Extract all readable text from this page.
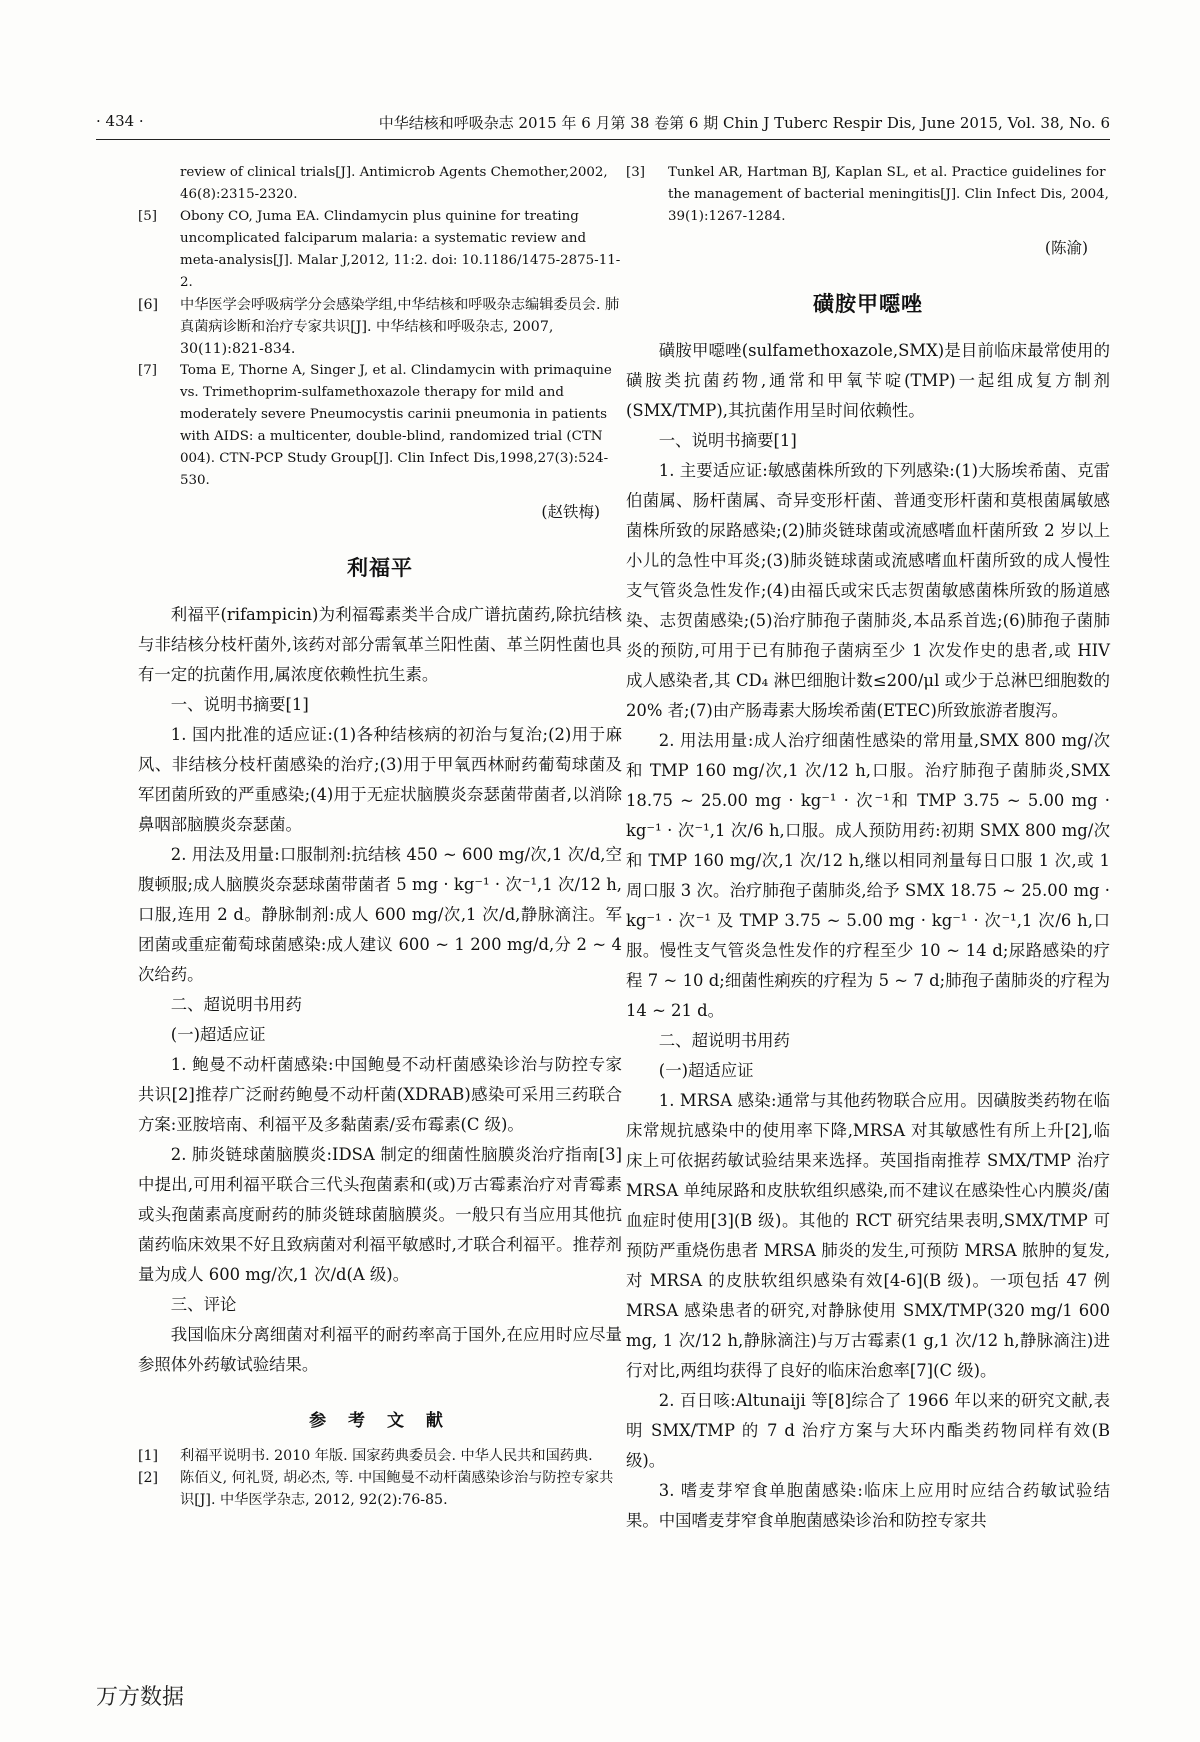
· 434 ·	中华结核和呼吸杂志 2015 年 6 月第 38 卷第 6 期 Chin J Tuberc Respir Dis, June 2015, Vol. 38, No. 6

review of clinical trials[J]. Antimicrob Agents Chemother,2002,

46(8):2315-2320.

[5] Obony CO, Juma EA. Clindamycin plus quinine for treating uncomplicated falciparum malaria: a systematic review and meta-analysis[J]. Malar J,2012, 11:2. doi: 10.1186/1475-2875-11-2.
[6] 中华医学会呼吸病学分会感染学组,中华结核和呼吸杂志编辑委员会. 肺真菌病诊断和治疗专家共识[J]. 中华结核和呼吸杂志, 2007, 30(11):821-834.
[7] Toma E, Thorne A, Singer J, et al. Clindamycin with primaquine vs. Trimethoprim-sulfamethoxazole therapy for mild and moderately severe Pneumocystis carinii pneumonia in patients with AIDS: a multicenter, double-blind, randomized trial (CTN 004). CTN-PCP Study Group[J]. Clin Infect Dis,1998,27(3):524-530.
(赵铁梅)
利福平

利福平(rifampicin)为利福霉素类半合成广谱抗菌药,除抗结核与非结核分枝杆菌外,该药对部分需氧革兰阳性菌、革兰阴性菌也具有一定的抗菌作用,属浓度依赖性抗生素。

一、说明书摘要[1]

1. 国内批准的适应证:(1)各种结核病的初治与复治;(2)用于麻风、非结核分枝杆菌感染的治疗;(3)用于甲氧西林耐药葡萄球菌及军团菌所致的严重感染;(4)用于无症状脑膜炎奈瑟菌带菌者,以消除鼻咽部脑膜炎奈瑟菌。

2. 用法及用量:口服制剂:抗结核 450 ~ 600 mg/次,1 次/d,空腹顿服;成人脑膜炎奈瑟球菌带菌者 5 mg · kg⁻¹ · 次⁻¹,1 次/12 h,口服,连用 2 d。静脉制剂:成人 600 mg/次,1 次/d,静脉滴注。军团菌或重症葡萄球菌感染:成人建议 600 ~ 1 200 mg/d,分 2 ~ 4 次给药。

二、超说明书用药

(一)超适应证

1. 鲍曼不动杆菌感染:中国鲍曼不动杆菌感染诊治与防控专家共识[2]推荐广泛耐药鲍曼不动杆菌(XDRAB)感染可采用三药联合方案:亚胺培南、利福平及多黏菌素/妥布霉素(C 级)。

2. 肺炎链球菌脑膜炎:IDSA 制定的细菌性脑膜炎治疗指南[3]中提出,可用利福平联合三代头孢菌素和(或)万古霉素治疗对青霉素或头孢菌素高度耐药的肺炎链球菌脑膜炎。一般只有当应用其他抗菌药临床效果不好且致病菌对利福平敏感时,才联合利福平。推荐剂量为成人 600 mg/次,1 次/d(A 级)。

三、评论

我国临床分离细菌对利福平的耐药率高于国外,在应用时应尽量参照体外药敏试验结果。

参 考 文 献
[1] 利福平说明书. 2010 年版. 国家药典委员会. 中华人民共和国药典.
[2] 陈佰义, 何礼贤, 胡必杰, 等. 中国鲍曼不动杆菌感染诊治与防控专家共识[J]. 中华医学杂志, 2012, 92(2):76-85.
[3] Tunkel AR, Hartman BJ, Kaplan SL, et al. Practice guidelines for the management of bacterial meningitis[J]. Clin Infect Dis, 2004, 39(1):1267-1284.
(陈渝)
磺胺甲噁唑

磺胺甲噁唑(sulfamethoxazole,SMX)是目前临床最常使用的磺胺类抗菌药物,通常和甲氧苄啶(TMP)一起组成复方制剂(SMX/TMP),其抗菌作用呈时间依赖性。

一、说明书摘要[1]

1. 主要适应证:敏感菌株所致的下列感染:(1)大肠埃希菌、克雷伯菌属、肠杆菌属、奇异变形杆菌、普通变形杆菌和莫根菌属敏感菌株所致的尿路感染;(2)肺炎链球菌或流感嗜血杆菌所致 2 岁以上小儿的急性中耳炎;(3)肺炎链球菌或流感嗜血杆菌所致的成人慢性支气管炎急性发作;(4)由福氏或宋氏志贺菌敏感菌株所致的肠道感染、志贺菌感染;(5)治疗肺孢子菌肺炎,本品系首选;(6)肺孢子菌肺炎的预防,可用于已有肺孢子菌病至少 1 次发作史的患者,或 HIV 成人感染者,其 CD₄ 淋巴细胞计数≤200/μl 或少于总淋巴细胞数的 20% 者;(7)由产肠毒素大肠埃希菌(ETEC)所致旅游者腹泻。

2. 用法用量:成人治疗细菌性感染的常用量,SMX 800 mg/次和 TMP 160 mg/次,1 次/12 h,口服。治疗肺孢子菌肺炎,SMX 18.75 ~ 25.00 mg · kg⁻¹ · 次⁻¹和 TMP 3.75 ~ 5.00 mg · kg⁻¹ · 次⁻¹,1 次/6 h,口服。成人预防用药:初期 SMX 800 mg/次和 TMP 160 mg/次,1 次/12 h,继以相同剂量每日口服 1 次,或 1 周口服 3 次。治疗肺孢子菌肺炎,给予 SMX 18.75 ~ 25.00 mg · kg⁻¹ · 次⁻¹ 及 TMP 3.75 ~ 5.00 mg · kg⁻¹ · 次⁻¹,1 次/6 h,口服。慢性支气管炎急性发作的疗程至少 10 ~ 14 d;尿路感染的疗程 7 ~ 10 d;细菌性痢疾的疗程为 5 ~ 7 d;肺孢子菌肺炎的疗程为 14 ~ 21 d。

二、超说明书用药

(一)超适应证

1. MRSA 感染:通常与其他药物联合应用。因磺胺类药物在临床常规抗感染中的使用率下降,MRSA 对其敏感性有所上升[2],临床上可依据药敏试验结果来选择。英国指南推荐 SMX/TMP 治疗 MRSA 单纯尿路和皮肤软组织感染,而不建议在感染性心内膜炎/菌血症时使用[3](B 级)。其他的 RCT 研究结果表明,SMX/TMP 可预防严重烧伤患者 MRSA 肺炎的发生,可预防 MRSA 脓肿的复发,对 MRSA 的皮肤软组织感染有效[4-6](B 级)。一项包括 47 例 MRSA 感染患者的研究,对静脉使用 SMX/TMP(320 mg/1 600 mg, 1 次/12 h,静脉滴注)与万古霉素(1 g,1 次/12 h,静脉滴注)进行对比,两组均获得了良好的临床治愈率[7](C 级)。

2. 百日咳:Altunaiji 等[8]综合了 1966 年以来的研究文献,表明 SMX/TMP 的 7 d 治疗方案与大环内酯类药物同样有效(B 级)。

3. 嗜麦芽窄食单胞菌感染:临床上应用时应结合药敏试验结果。中国嗜麦芽窄食单胞菌感染诊治和防控专家共

万方数据
